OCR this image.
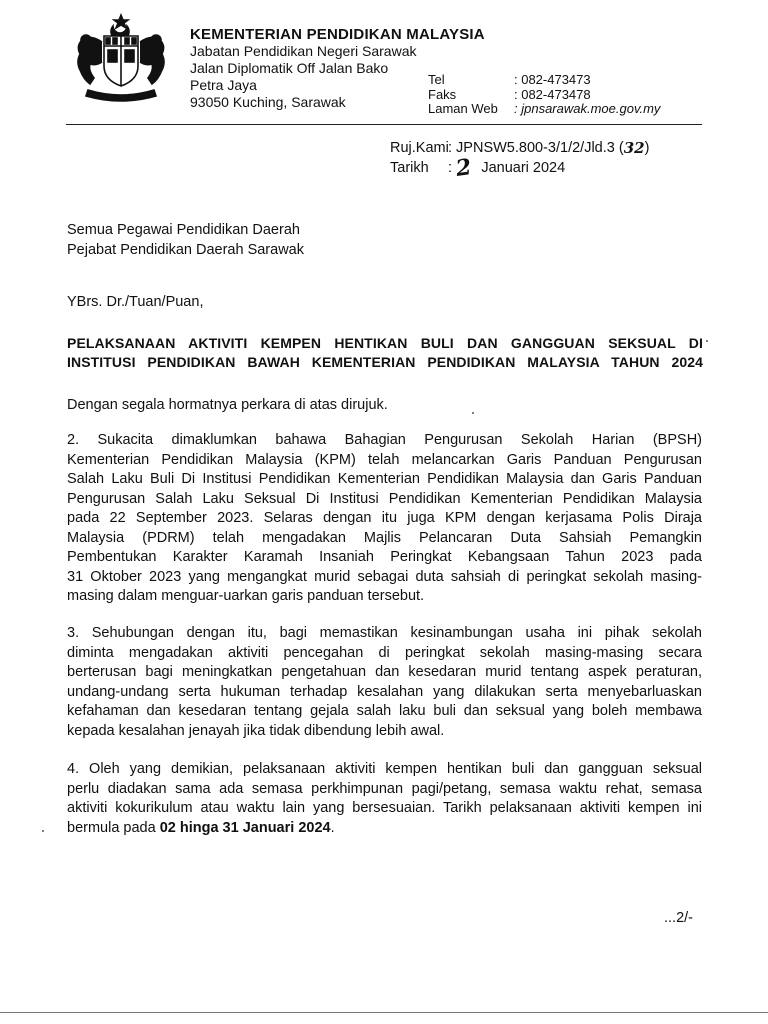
KEMENTERIAN PENDIDIKAN MALAYSIA
Jabatan Pendidikan Negeri Sarawak
Jalan Diplomatik Off Jalan Bako
Petra Jaya
93050 Kuching, Sarawak
Tel	: 082-473473
Faks	: 082-473478
Laman Web	: jpnsarawak.moe.gov.my
Ruj.Kami : JPNSW5.800-3/1/2/Jld.3 ( 32 )
Tarikh	: 2 Januari 2024
Semua Pegawai Pendidikan Daerah
Pejabat Pendidikan Daerah Sarawak
YBrs. Dr./Tuan/Puan,
PELAKSANAAN AKTIVITI KEMPEN HENTIKAN BULI DAN GANGGUAN SEKSUAL DI
INSTITUSI PENDIDIKAN BAWAH KEMENTERIAN PENDIDIKAN MALAYSIA TAHUN 2024
Dengan segala hormatnya perkara di atas dirujuk.
2. Sukacita dimaklumkan bahawa Bahagian Pengurusan Sekolah Harian (BPSH)
Kementerian Pendidikan Malaysia (KPM) telah melancarkan Garis Panduan Pengurusan
Salah Laku Buli Di Institusi Pendidikan Kementerian Pendidikan Malaysia dan Garis Panduan
Pengurusan Salah Laku Seksual Di Institusi Pendidikan Kementerian Pendidikan Malaysia
pada 22 September 2023. Selaras dengan itu juga KPM dengan kerjasama Polis Diraja
Malaysia (PDRM) telah mengadakan Majlis Pelancaran Duta Sahsiah Pemangkin
Pembentukan Karakter Karamah Insaniah Peringkat Kebangsaan Tahun 2023 pada
31 Oktober 2023 yang mengangkat murid sebagai duta sahsiah di peringkat sekolah masing-
masing dalam menguar-uarkan garis panduan tersebut.
3. Sehubungan dengan itu, bagi memastikan kesinambungan usaha ini pihak sekolah
diminta mengadakan aktiviti pencegahan di peringkat sekolah masing-masing secara
berterusan bagi meningkatkan pengetahuan dan kesedaran murid tentang aspek peraturan,
undang-undang serta hukuman terhadap kesalahan yang dilakukan serta menyebarluaskan
kefahaman dan kesedaran tentang gejala salah laku buli dan seksual yang boleh membawa
kepada kesalahan jenayah jika tidak dibendung lebih awal.
4. Oleh yang demikian, pelaksanaan aktiviti kempen hentikan buli dan gangguan seksual
perlu diadakan sama ada semasa perkhimpunan pagi/petang, semasa waktu rehat, semasa
aktiviti kokurikulum atau waktu lain yang bersesuaian. Tarikh pelaksanaan aktiviti kempen ini
bermula pada 02 hinga 31 Januari 2024.
...2/-
